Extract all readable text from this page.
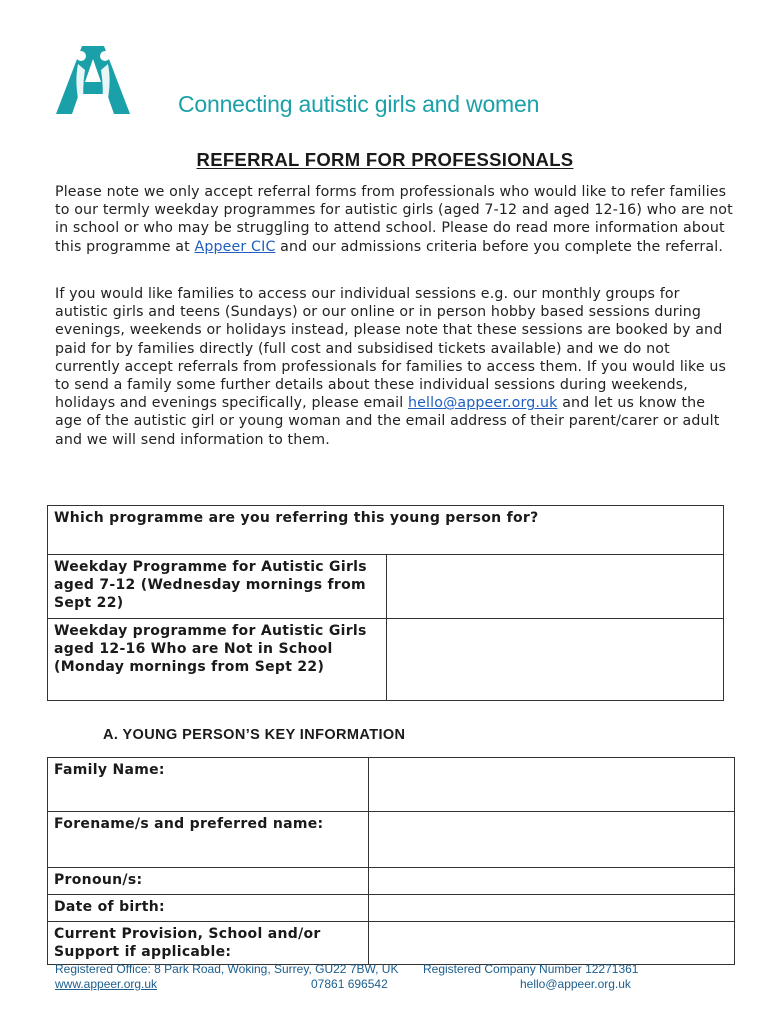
Connecting autistic girls and women
REFERRAL FORM FOR PROFESSIONALS

Please note we only accept referral forms from professionals who would like to refer families to our termly weekday programmes for autistic girls (aged 7-12 and aged 12-16) who are not in school or who may be struggling to attend school. Please do read more information about this programme at Appeer CIC and our admissions criteria before you complete the referral.

If you would like families to access our individual sessions e.g. our monthly groups for autistic girls and teens (Sundays) or our online or in person hobby based sessions during evenings, weekends or holidays instead, please note that these sessions are booked by and paid for by families directly (full cost and subsidised tickets available) and we do not currently accept referrals from professionals for families to access them. If you would like us to send a family some further details about these individual sessions during weekends, holidays and evenings specifically, please email hello@appeer.org.uk and let us know the age of the autistic girl or young woman and the email address of their parent/carer or adult and we will send information to them.

Which programme are you referring this young person for?	
Weekday Programme for Autistic Girls aged 7-12 (Wednesday mornings from Sept 22)	
Weekday programme for Autistic Girls aged 12-16 Who are Not in School (Monday mornings from Sept 22)	
A. YOUNG PERSON’S KEY INFORMATION
Family Name:	
Forename/s and preferred name:	
Pronoun/s:	
Date of birth:	
Current Provision, School and/or Support if applicable:	
Registered Office: 8 Park Road, Woking, Surrey, GU22 7BW, UK Registered Company Number 12271361
www.appeer.org.uk	07861 696542	hello@appeer.org.uk
